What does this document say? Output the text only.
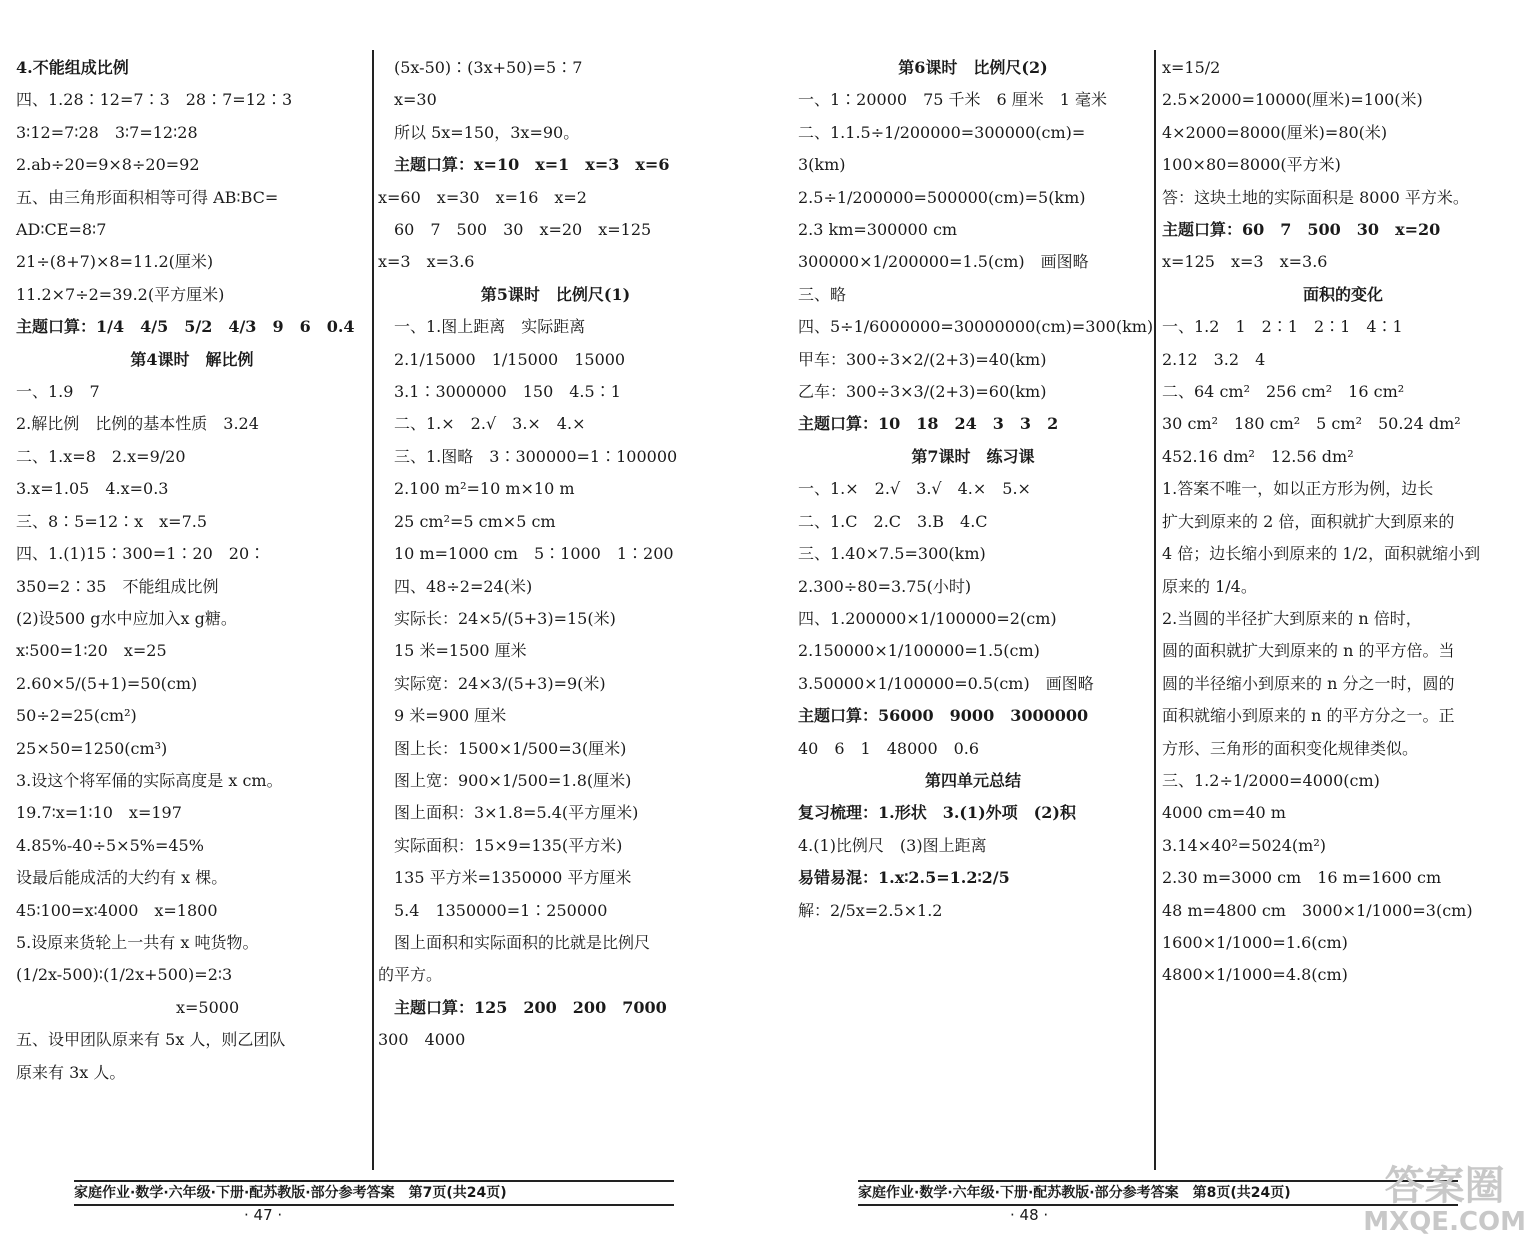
4.不能组成比例
四、1.28∶12=7∶3　28∶7=12∶3
3∶12=7∶28　3∶7=12∶28
2.ab÷20=9×8÷20=92
五、由三角形面积相等可得 AB∶BC=
AD∶CE=8∶7
21÷(8+7)×8=11.2(厘米)
11.2×7÷2=39.2(平方厘米)
主题口算：1/4　4/5　5/2　4/3　9　6　0.4
第4课时　解比例
一、1.9　7
2.解比例　比例的基本性质　3.24
二、1.x=8　2.x=9/20
3.x=1.05　4.x=0.3
三、8∶5=12∶x　x=7.5
四、1.(1)15∶300=1∶20　20∶
350=2∶35　不能组成比例
(2)设500 g水中应加入x g糖。
x∶500=1∶20　x=25
2.60×5/(5+1)=50(cm)
50÷2=25(cm²)
25×50=1250(cm³)
3.设这个将军俑的实际高度是 x cm。
19.7∶x=1∶10　x=197
4.85%-40÷5×5%=45%
设最后能成活的大约有 x 棵。
45∶100=x∶4000　x=1800
5.设原来货轮上一共有 x 吨货物。
(1/2x-500)∶(1/2x+500)=2∶3
　　　　　　　　　　x=5000
五、设甲团队原来有 5x 人，则乙团队
原来有 3x 人。
　(5x-50)∶(3x+50)=5∶7
　x=30
　所以 5x=150，3x=90。
　主题口算：x=10　x=1　x=3　x=6
x=60　x=30　x=16　x=2
　60　7　500　30　x=20　x=125
x=3　x=3.6
第5课时　比例尺(1)
　一、1.图上距离　实际距离
　2.1/15000　1/15000　15000
　3.1∶3000000　150　4.5∶1
　二、1.×　2.√　3.×　4.×
　三、1.图略　3∶300000=1∶100000
　2.100 m²=10 m×10 m
　25 cm²=5 cm×5 cm
　10 m=1000 cm　5∶1000　1∶200
　四、48÷2=24(米)
　实际长：24×5/(5+3)=15(米)
　15 米=1500 厘米
　实际宽：24×3/(5+3)=9(米)
　9 米=900 厘米
　图上长：1500×1/500=3(厘米)
　图上宽：900×1/500=1.8(厘米)
　图上面积：3×1.8=5.4(平方厘米)
　实际面积：15×9=135(平方米)
　135 平方米=1350000 平方厘米
　5.4　1350000=1∶250000
　图上面积和实际面积的比就是比例尺
的平方。
　主题口算：125　200　200　7000
300　4000
第6课时　比例尺(2)
一、1∶20000　75 千米　6 厘米　1 毫米
二、1.1.5÷1/200000=300000(cm)=
3(km)
2.5÷1/200000=500000(cm)=5(km)
2.3 km=300000 cm
300000×1/200000=1.5(cm)　画图略
三、略
四、5÷1/6000000=30000000(cm)=300(km)
甲车：300÷3×2/(2+3)=40(km)
乙车：300÷3×3/(2+3)=60(km)
主题口算：10　18　24　3　3　2
第7课时　练习课
一、1.×　2.√　3.√　4.×　5.×
二、1.C　2.C　3.B　4.C
三、1.40×7.5=300(km)
2.300÷80=3.75(小时)
四、1.200000×1/100000=2(cm)
2.150000×1/100000=1.5(cm)
3.50000×1/100000=0.5(cm)　画图略
主题口算：56000　9000　3000000
40　6　1　48000　0.6
第四单元总结
复习梳理：1.形状　3.(1)外项　(2)积
4.(1)比例尺　(3)图上距离
易错易混：1.x∶2.5=1.2∶2/5
解：2/5x=2.5×1.2
x=15/2
2.5×2000=10000(厘米)=100(米)
4×2000=8000(厘米)=80(米)
100×80=8000(平方米)
答：这块土地的实际面积是 8000 平方米。
主题口算：60　7　500　30　x=20
x=125　x=3　x=3.6
面积的变化
一、1.2　1　2∶1　2∶1　4∶1
2.12　3.2　4
二、64 cm²　256 cm²　16 cm²
30 cm²　180 cm²　5 cm²　50.24 dm²
452.16 dm²　12.56 dm²
1.答案不唯一，如以正方形为例，边长
扩大到原来的 2 倍，面积就扩大到原来的
4 倍；边长缩小到原来的 1/2，面积就缩小到
原来的 1/4。
2.当圆的半径扩大到原来的 n 倍时，
圆的面积就扩大到原来的 n 的平方倍。当
圆的半径缩小到原来的 n 分之一时，圆的
面积就缩小到原来的 n 的平方分之一。正
方形、三角形的面积变化规律类似。
三、1.2÷1/2000=4000(cm)
4000 cm=40 m
3.14×40²=5024(m²)
2.30 m=3000 cm　16 m=1600 cm
48 m=4800 cm　3000×1/1000=3(cm)
1600×1/1000=1.6(cm)
4800×1/1000=4.8(cm)
家庭作业·数学·六年级·下册·配苏教版·部分参考答案　第7页(共24页)	家庭作业·数学·六年级·下册·配苏教版·部分参考答案　第8页(共24页)
· 47 ·	· 48 ·
答案圈
MXQE.COM
